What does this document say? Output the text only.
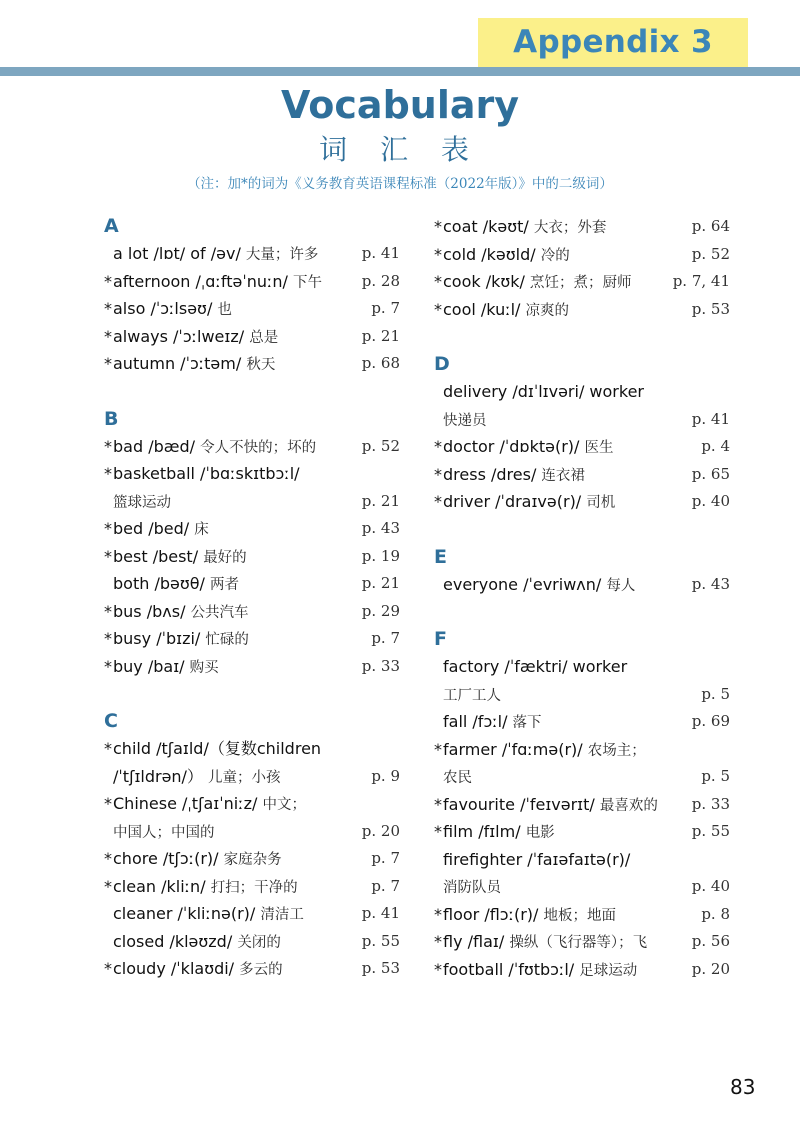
Appendix 3
Vocabulary
词 汇 表
（注：加*的词为《义务教育英语课程标准（2022年版）》中的二级词）
A
a lot /lɒt/ of /əv/ 大量；许多	p. 41
*afternoon /ˌɑːftəˈnuːn/ 下午	p. 28
*also /ˈɔːlsəʊ/ 也	p. 7
*always /ˈɔːlweɪz/ 总是	p. 21
*autumn /ˈɔːtəm/ 秋天	p. 68
B
*bad /bæd/ 令人不快的；坏的	p. 52
*basketball /ˈbɑːskɪtbɔːl/
篮球运动	p. 21
*bed /bed/ 床	p. 43
*best /best/ 最好的	p. 19
both /bəʊθ/ 两者	p. 21
*bus /bʌs/ 公共汽车	p. 29
*busy /ˈbɪzi/ 忙碌的	p. 7
*buy /baɪ/ 购买	p. 33
C
*child /tʃaɪld/（复数children
/ˈtʃɪldrən/） 儿童；小孩	p. 9
*Chinese /ˌtʃaɪˈniːz/ 中文；
中国人；中国的	p. 20
*chore /tʃɔː(r)/ 家庭杂务	p. 7
*clean /kliːn/ 打扫；干净的	p. 7
cleaner /ˈkliːnə(r)/ 清洁工	p. 41
closed /kləʊzd/ 关闭的	p. 55
*cloudy /ˈklaʊdi/ 多云的	p. 53
*coat /kəʊt/ 大衣；外套	p. 64
*cold /kəʊld/ 冷的	p. 52
*cook /kʊk/ 烹饪；煮；厨师	p. 7, 41
*cool /kuːl/ 凉爽的	p. 53
D
delivery /dɪˈlɪvəri/ worker
快递员	p. 41
*doctor /ˈdɒktə(r)/ 医生	p. 4
*dress /dres/ 连衣裙	p. 65
*driver /ˈdraɪvə(r)/ 司机	p. 40
E
everyone /ˈevriwʌn/ 每人	p. 43
F
factory /ˈfæktri/ worker
工厂工人	p. 5
fall /fɔːl/ 落下	p. 69
*farmer /ˈfɑːmə(r)/ 农场主；
农民	p. 5
*favourite /ˈfeɪvərɪt/ 最喜欢的 p. 33
*film /fɪlm/ 电影	p. 55
firefighter /ˈfaɪəfaɪtə(r)/
消防队员	p. 40
*floor /flɔː(r)/ 地板；地面	p. 8
*fly /flaɪ/ 操纵（飞行器等）；飞	p. 56
*football /ˈfʊtbɔːl/ 足球运动	p. 20
83
